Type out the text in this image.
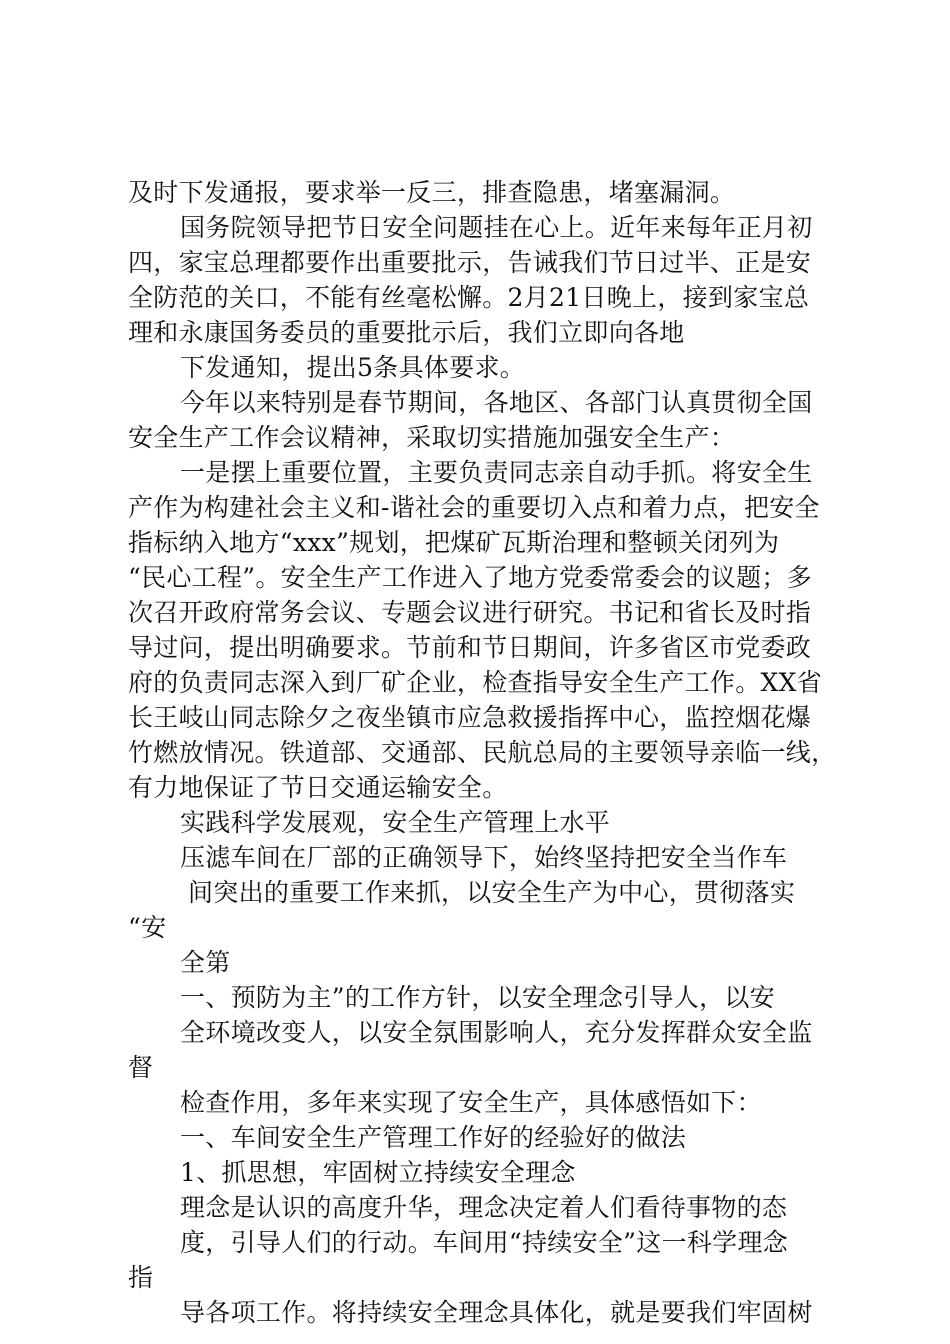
及时下发通报，要求举一反三，排查隐患，堵塞漏洞。
国务院领导把节日安全问题挂在心上。近年来每年正月初
四，家宝总理都要作出重要批示，告诫我们节日过半、正是安
全防范的关口，不能有丝毫松懈。2月21日晚上，接到家宝总
理和永康国务委员的重要批示后，我们立即向各地
下发通知，提出5条具体要求。
今年以来特别是春节期间，各地区、各部门认真贯彻全国
安全生产工作会议精神，采取切实措施加强安全生产：
一是摆上重要位置，主要负责同志亲自动手抓。将安全生
产作为构建社会主义和-谐社会的重要切入点和着力点，把安全
指标纳入地方“xxx”规划，把煤矿瓦斯治理和整顿关闭列为
“民心工程”。安全生产工作进入了地方党委常委会的议题；多
次召开政府常务会议、专题会议进行研究。书记和省长及时指
导过问，提出明确要求。节前和节日期间，许多省区市党委政
府的负责同志深入到厂矿企业，检查指导安全生产工作。XX省
长王岐山同志除夕之夜坐镇市应急救援指挥中心，监控烟花爆
竹燃放情况。铁道部、交通部、民航总局的主要领导亲临一线，
有力地保证了节日交通运输安全。
实践科学发展观，安全生产管理上水平
压滤车间在厂部的正确领导下，始终坚持把安全当作车
间突出的重要工作来抓，以安全生产为中心，贯彻落实
“安
全第
一、预防为主”的工作方针，以安全理念引导人，以安
全环境改变人，以安全氛围影响人，充分发挥群众安全监
督
检查作用，多年来实现了安全生产，具体感悟如下：
一、车间安全生产管理工作好的经验好的做法
1、抓思想，牢固树立持续安全理念
理念是认识的高度升华，理念决定着人们看待事物的态
度，引导人们的行动。车间用“持续安全”这一科学理念
指
导各项工作。将持续安全理念具体化，就是要我们牢固树
